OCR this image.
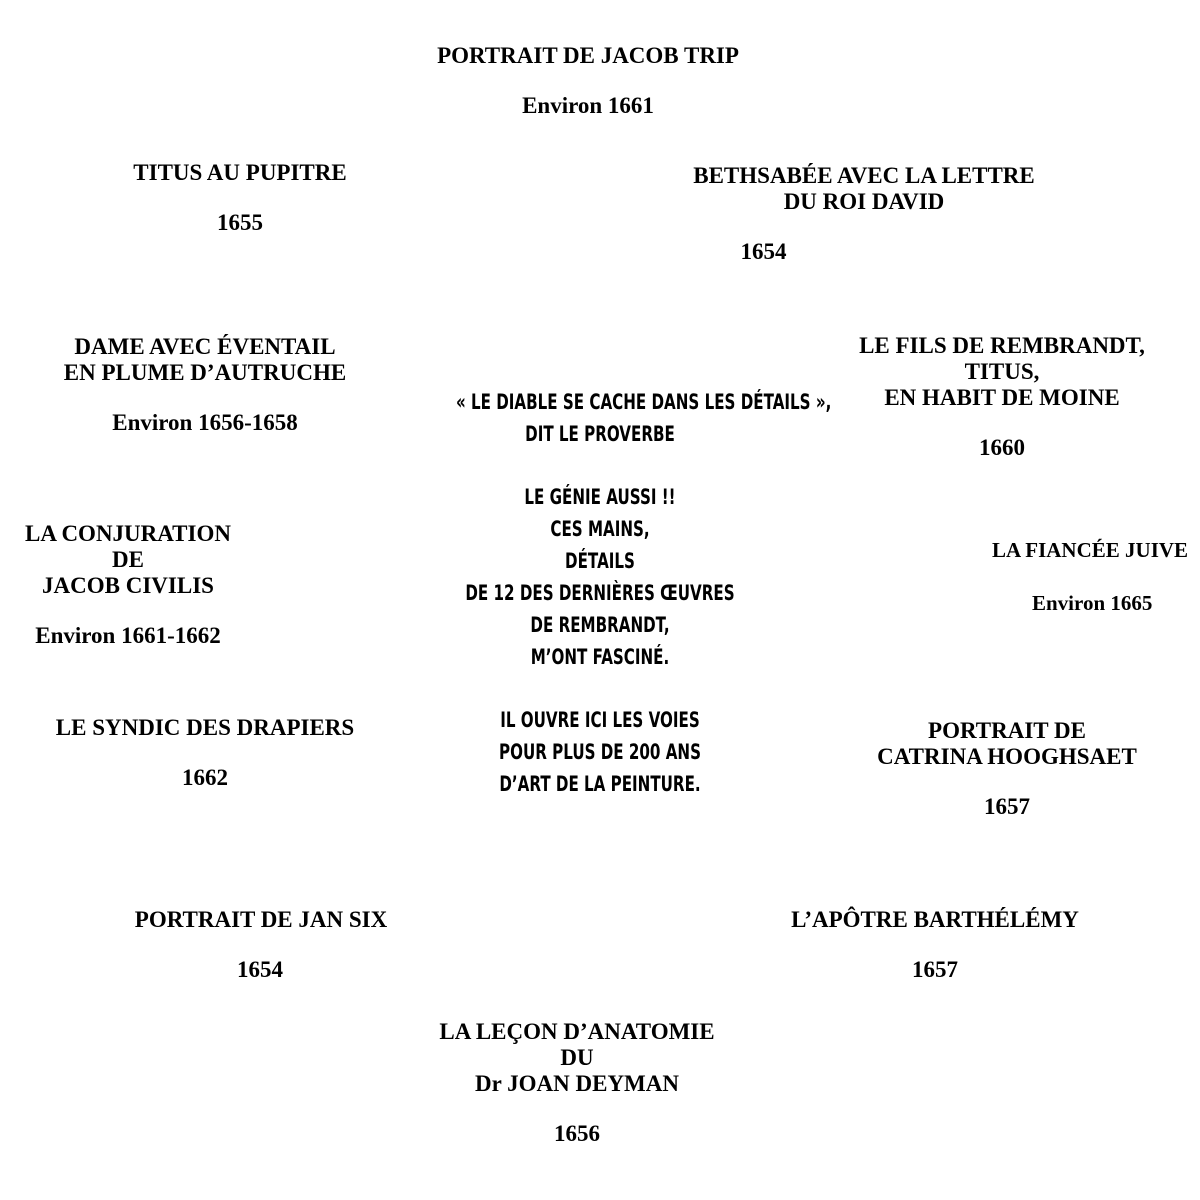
PORTRAIT DE JACOB TRIP
Environ 1661
TITUS AU PUPITRE
1655
BETHSABÉE AVEC LA LETTRE
DU ROI DAVID
1654
DAME AVEC ÉVENTAIL
EN PLUME D’AUTRUCHE
Environ 1656-1658
LE FILS DE REMBRANDT,
TITUS,
EN HABIT DE MOINE
1660
LA CONJURATION
DE
JACOB CIVILIS
Environ 1661-1662
LA FIANCÉE JUIVE
Environ 1665
LE SYNDIC DES DRAPIERS
1662
PORTRAIT DE
CATRINA HOOGHSAET
1657
PORTRAIT DE JAN SIX
1654
L’APÔTRE BARTHÉLÉMY
1657
LA LEÇON D’ANATOMIE
DU
Dr JOAN DEYMAN
1656
« LE DIABLE SE CACHE DANS LES DÉTAILS »,
DIT LE PROVERBE
LE GÉNIE AUSSI !!
CES MAINS,
DÉTAILS
DE 12 DES DERNIÈRES ŒUVRES
DE REMBRANDT,
M’ONT FASCINÉ.
IL OUVRE ICI LES VOIES
POUR PLUS DE 200 ANS
D’ART DE LA PEINTURE.
